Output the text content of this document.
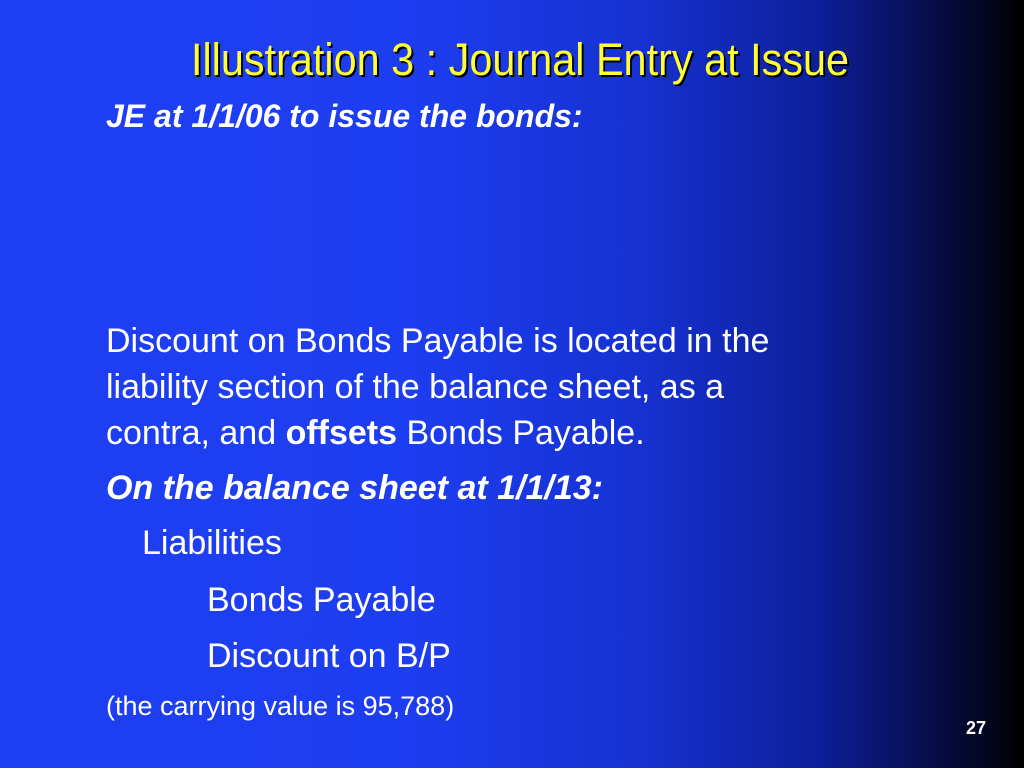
Illustration 3 : Journal Entry at Issue
JE at 1/1/06 to issue the bonds:
Discount on Bonds Payable is located in the
liability section of the balance sheet, as a
contra, and offsets Bonds Payable.
On the balance sheet at 1/1/13:
Liabilities
Bonds Payable
Discount on B/P
(the carrying value is 95,788)
27
